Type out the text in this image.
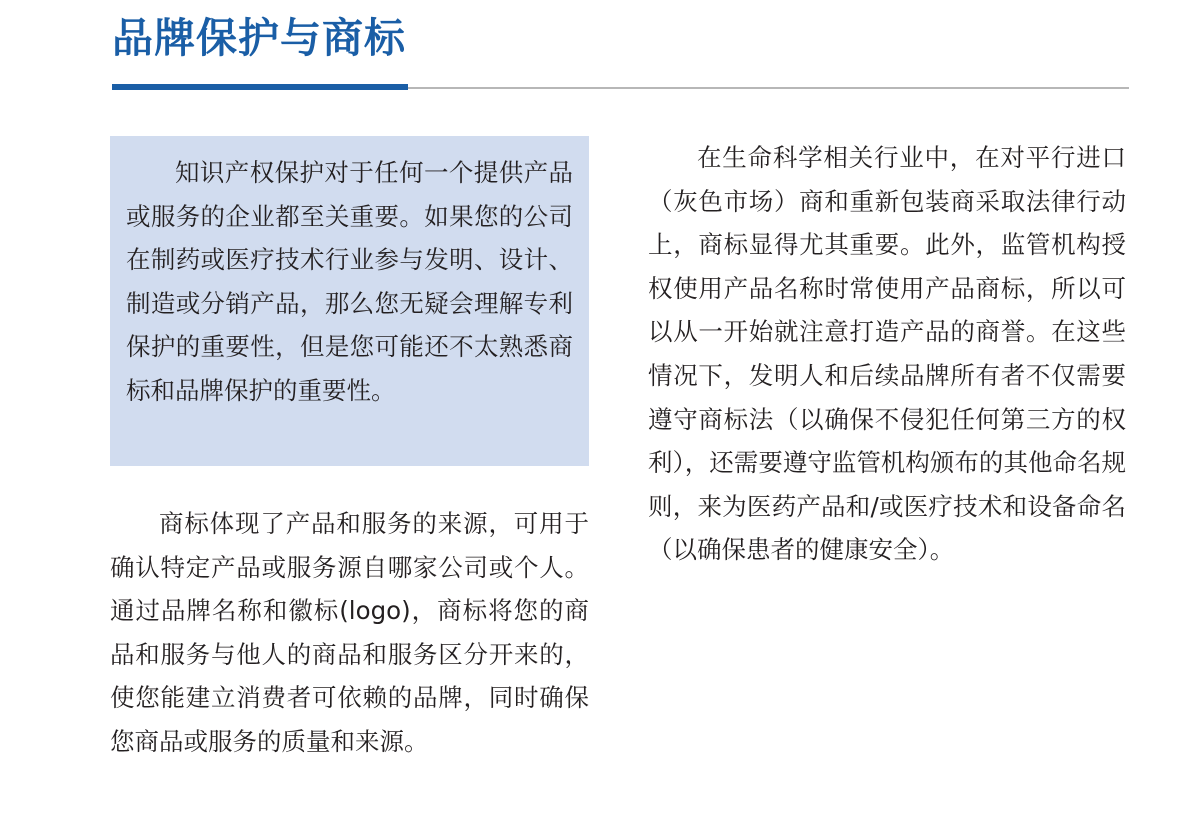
品牌保护与商标

知识产权保护对于任何一个提供产品或服务的企业都至关重要。如果您的公司在制药或医疗技术行业参与发明、设计、制造或分销产品，那么您无疑会理解专利保护的重要性，但是您可能还不太熟悉商标和品牌保护的重要性。

商标体现了产品和服务的来源，可用于确认特定产品或服务源自哪家公司或个人。通过品牌名称和徽标(logo)，商标将您的商品和服务与他人的商品和服务区分开来的，使您能建立消费者可依赖的品牌，同时确保您商品或服务的质量和来源。

在生命科学相关行业中，在对平行进口（灰色市场）商和重新包装商采取法律行动上，商标显得尤其重要。此外，监管机构授权使用产品名称时常使用产品商标，所以可以从一开始就注意打造产品的商誉。在这些情况下，发明人和后续品牌所有者不仅需要遵守商标法（以确保不侵犯任何第三方的权利），还需要遵守监管机构颁布的其他命名规则，来为医药产品和/或医疗技术和设备命名（以确保患者的健康安全）。
